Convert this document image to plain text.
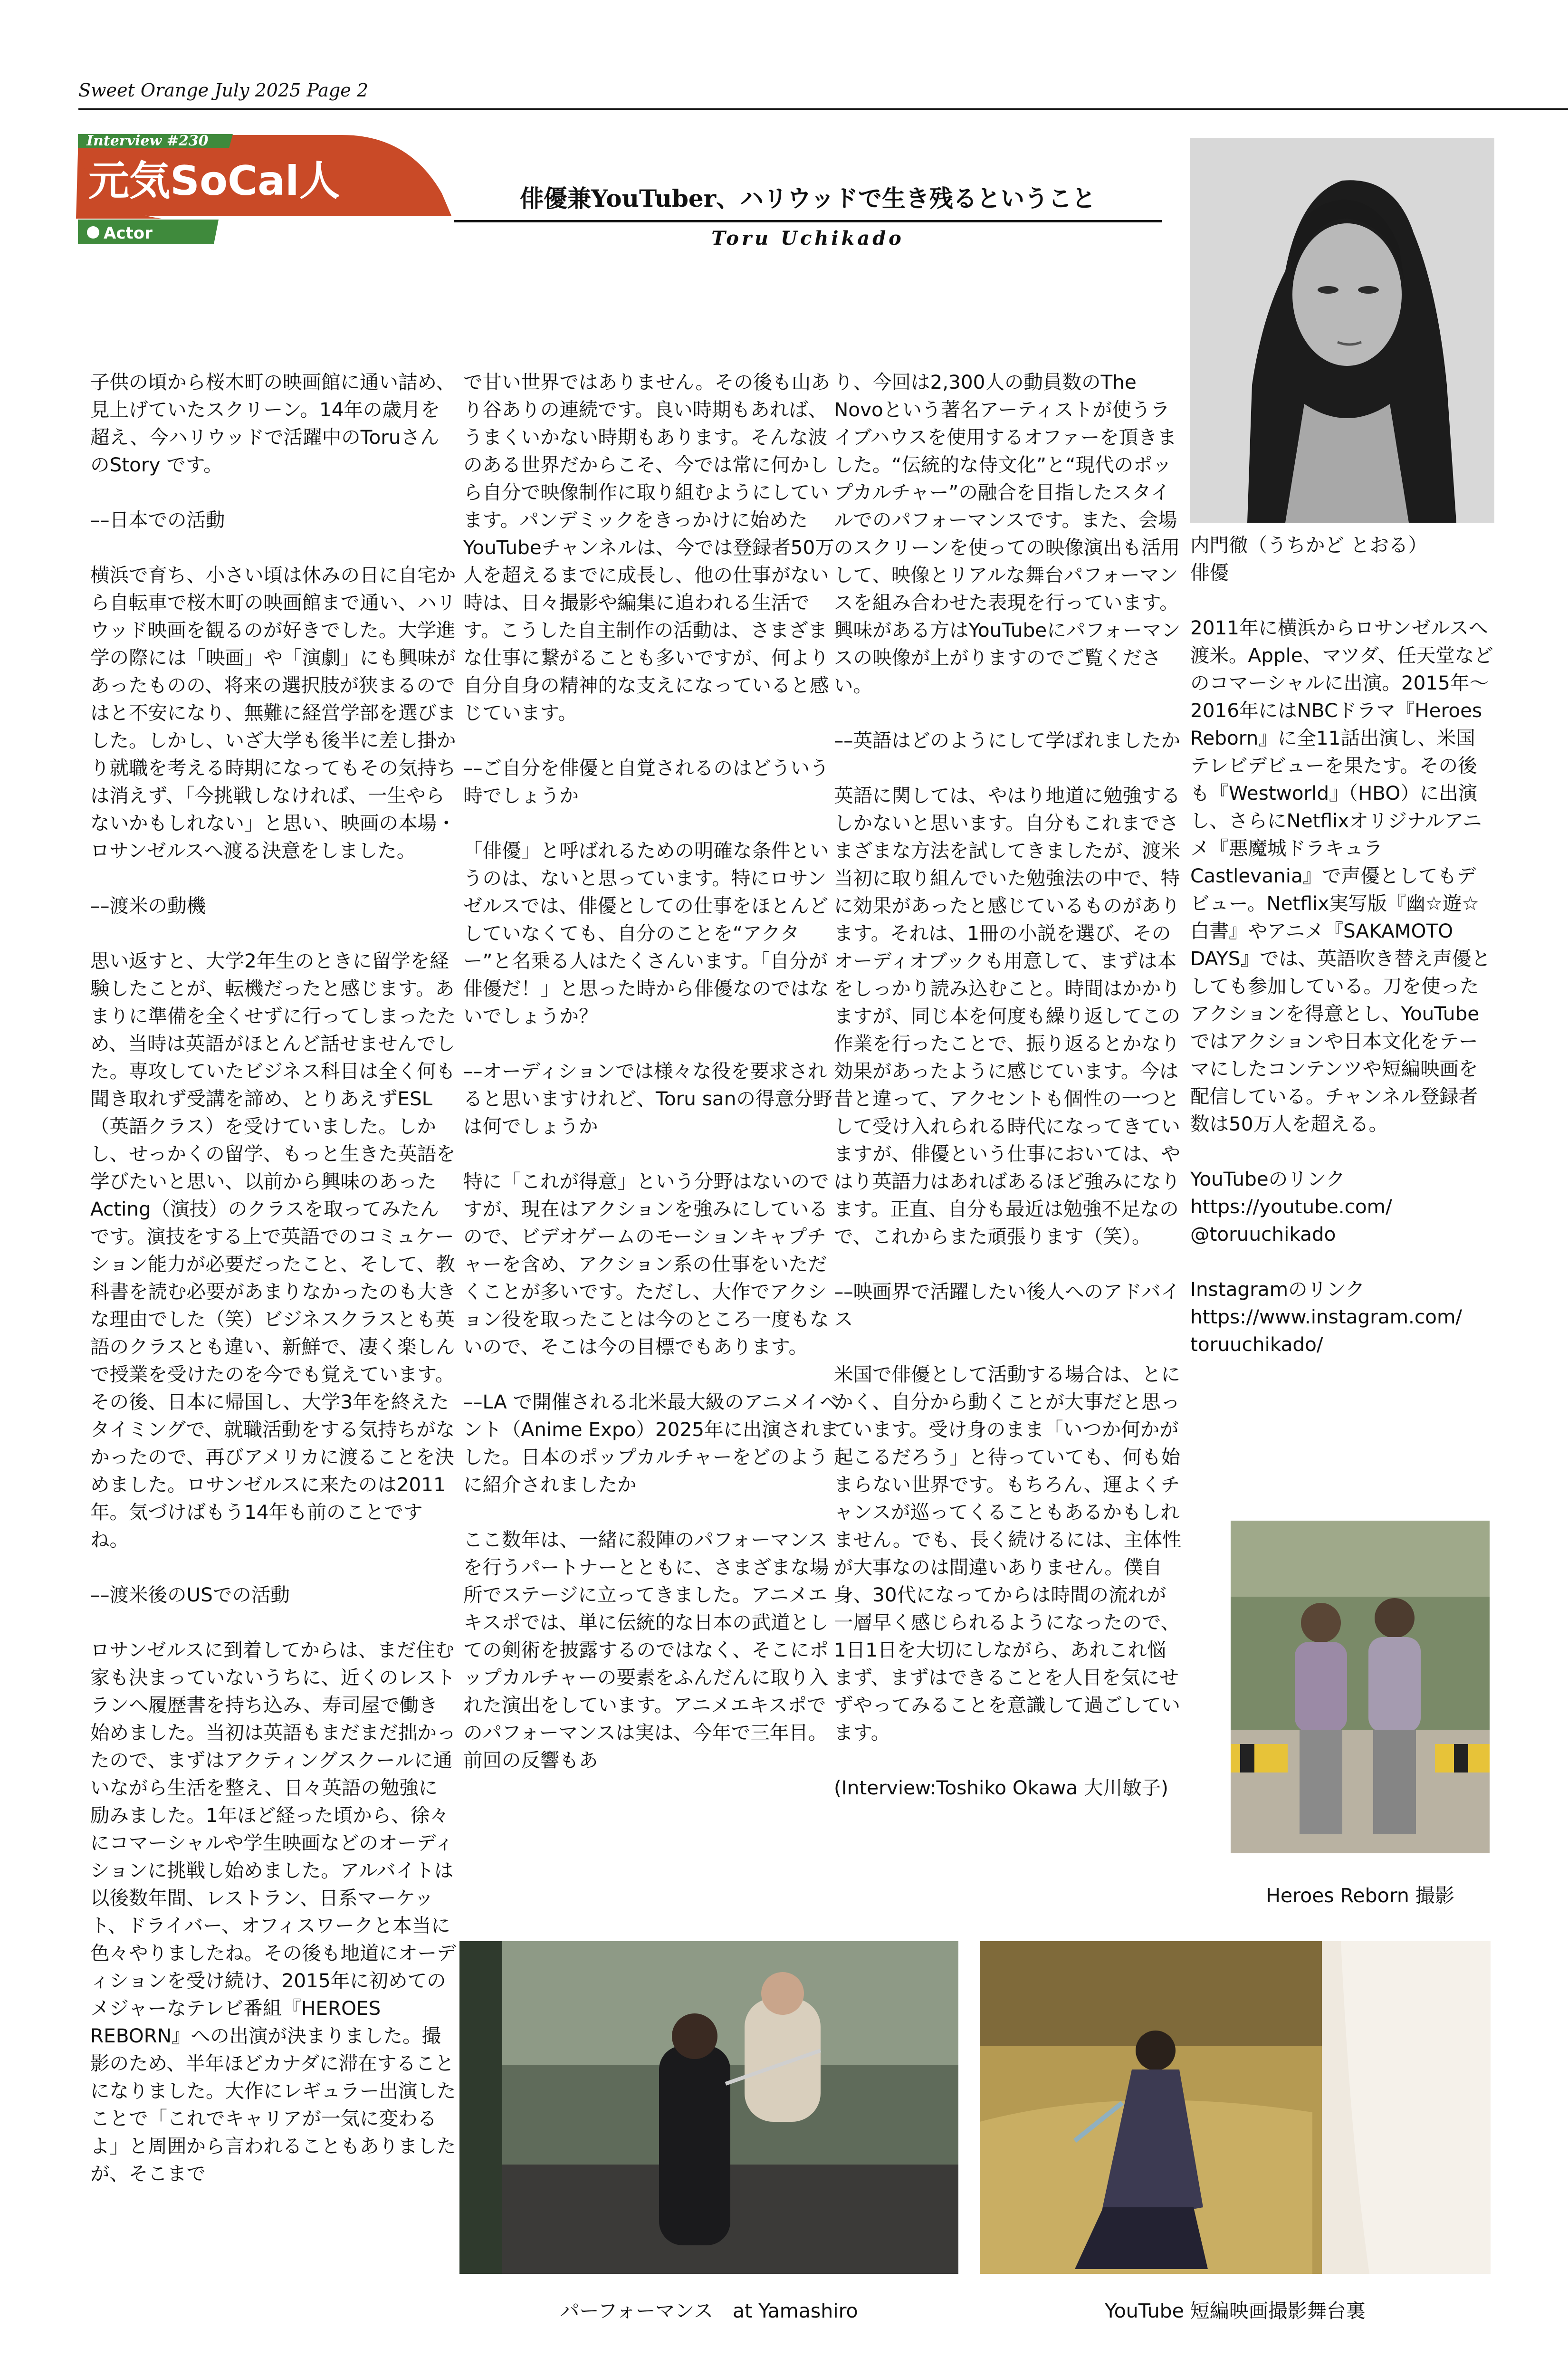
Sweet Orange July 2025 Page 2
Interview #230
元気SoCal人
Actor
俳優兼YouTuber、ハリウッドで生き残るということ
Toru Uchikado
子供の頃から桜木町の映画館に通い詰め、見上げていたスクリーン。14年の歳月を超え、今ハリウッドで活躍中のToruさんのStory です。

––日本での活動

横浜で育ち、小さい頃は休みの日に自宅から自転車で桜木町の映画館まで通い、ハリウッド映画を観るのが好きでした。大学進学の際には「映画」や「演劇」にも興味があったものの、将来の選択肢が狭まるのではと不安になり、無難に経営学部を選びました。しかし、いざ大学も後半に差し掛かり就職を考える時期になってもその気持ちは消えず、「今挑戦しなければ、一生やらないかもしれない」と思い、映画の本場・ロサンゼルスへ渡る決意をしました。

––渡米の動機

思い返すと、大学2年生のときに留学を経験したことが、転機だったと感じます。あまりに準備を全くせずに行ってしまったため、当時は英語がほとんど話せませんでした。専攻していたビジネス科目は全く何も聞き取れず受講を諦め、とりあえずESL（英語クラス）を受けていました。しかし、せっかくの留学、もっと生きた英語を学びたいと思い、以前から興味のあったActing（演技）のクラスを取ってみたんです。演技をする上で英語でのコミュケーション能力が必要だったこと、そして、教科書を読む必要があまりなかったのも大きな理由でした（笑）ビジネスクラスとも英語のクラスとも違い、新鮮で、凄く楽しんで授業を受けたのを今でも覚えています。その後、日本に帰国し、大学3年を終えたタイミングで、就職活動をする気持ちがなかったので、再びアメリカに渡ることを決めました。ロサンゼルスに来たのは2011年。気づけばもう14年も前のことですね。

––渡米後のUSでの活動

ロサンゼルスに到着してからは、まだ住む家も決まっていないうちに、近くのレストランへ履歴書を持ち込み、寿司屋で働き始めました。当初は英語もまだまだ拙かったので、まずはアクティングスクールに通いながら生活を整え、日々英語の勉強に励みました。1年ほど経った頃から、徐々にコマーシャルや学生映画などのオーディションに挑戦し始めました。アルバイトは以後数年間、レストラン、日系マーケット、ドライバー、オフィスワークと本当に色々やりましたね。その後も地道にオーディションを受け続け、2015年に初めてのメジャーなテレビ番組『HEROES REBORN』への出演が決まりました。撮影のため、半年ほどカナダに滞在することになりました。大作にレギュラー出演したことで「これでキャリアが一気に変わるよ」と周囲から言われることもありましたが、そこまで
で甘い世界ではありません。その後も山あり谷ありの連続です。良い時期もあれば、うまくいかない時期もあります。そんな波のある世界だからこそ、今では常に何かしら自分で映像制作に取り組むようにしています。パンデミックをきっかけに始めたYouTubeチャンネルは、今では登録者50万人を超えるまでに成長し、他の仕事がない時は、日々撮影や編集に追われる生活です。こうした自主制作の活動は、さまざまな仕事に繋がることも多いですが、何より自分自身の精神的な支えになっていると感じています。

––ご自分を俳優と自覚されるのはどういう時でしょうか

「俳優」と呼ばれるための明確な条件というのは、ないと思っています。特にロサンゼルスでは、俳優としての仕事をほとんどしていなくても、自分のことを“アクター”と名乗る人はたくさんいます。「自分が俳優だ！」と思った時から俳優なのではないでしょうか？

––オーディションでは様々な役を要求されると思いますけれど、Toru sanの得意分野は何でしょうか

特に「これが得意」という分野はないのですが、現在はアクションを強みにしているので、ビデオゲームのモーションキャプチャーを含め、アクション系の仕事をいただくことが多いです。ただし、大作でアクション役を取ったことは今のところ一度もないので、そこは今の目標でもあります。

––LA で開催される北米最大級のアニメイベント（Anime Expo）2025年に出演されました。日本のポップカルチャーをどのように紹介されましたか

ここ数年は、一緒に殺陣のパフォーマンスを行うパートナーとともに、さまざまな場所でステージに立ってきました。アニメエキスポでは、単に伝統的な日本の武道としての剣術を披露するのではなく、そこにポップカルチャーの要素をふんだんに取り入れた演出をしています。アニメエキスポでのパフォーマンスは実は、今年で三年目。前回の反響もあ
り、今回は2,300人の動員数のThe Novoという著名アーティストが使うライブハウスを使用するオファーを頂きました。“伝統的な侍文化”と“現代のポップカルチャー”の融合を目指したスタイルでのパフォーマンスです。また、会場のスクリーンを使っての映像演出も活用して、映像とリアルな舞台パフォーマンスを組み合わせた表現を行っています。興味がある方はYouTubeにパフォーマンスの映像が上がりますのでご覧ください。

––英語はどのようにして学ばれましたか

英語に関しては、やはり地道に勉強するしかないと思います。自分もこれまでさまざまな方法を試してきましたが、渡米当初に取り組んでいた勉強法の中で、特に効果があったと感じているものがあります。それは、1冊の小説を選び、そのオーディオブックも用意して、まずは本をしっかり読み込むこと。時間はかかりますが、同じ本を何度も繰り返してこの作業を行ったことで、振り返るとかなり効果があったように感じています。今は昔と違って、アクセントも個性の一つとして受け入れられる時代になってきていますが、俳優という仕事においては、やはり英語力はあればあるほど強みになります。正直、自分も最近は勉強不足なので、これからまた頑張ります（笑）。

––映画界で活躍したい後人へのアドバイス

米国で俳優として活動する場合は、とにかく、自分から動くことが大事だと思っています。受け身のまま「いつか何かが起こるだろう」と待っていても、何も始まらない世界です。もちろん、運よくチャンスが巡ってくることもあるかもしれません。でも、長く続けるには、主体性が大事なのは間違いありません。僕自身、30代になってからは時間の流れが一層早く感じられるようになったので、1日1日を大切にしながら、あれこれ悩まず、まずはできることを人目を気にせずやってみることを意識して過ごしています。

(Interview:Toshiko Okawa 大川敏子)
内門徹（うちかど とおる）
俳優

2011年に横浜からロサンゼルスへ渡米。Apple、マツダ、任天堂などのコマーシャルに出演。2015年〜2016年にはNBCドラマ『Heroes Reborn』に全11話出演し、米国テレビデビューを果たす。その後も『Westworld』（HBO）に出演し、さらにNetflixオリジナルアニメ『悪魔城ドラキュラ Castlevania』で声優としてもデビュー。Netflix実写版『幽☆遊☆白書』やアニメ『SAKAMOTO DAYS』では、英語吹き替え声優としても参加している。刀を使ったアクションを得意とし、YouTubeではアクションや日本文化をテーマにしたコンテンツや短編映画を配信している。チャンネル登録者数は50万人を超える。

YouTubeのリンク
https://youtube.com/
@toruuchikado

Instagramのリンク
https://www.instagram.com/
toruuchikado/
Heroes Reborn 撮影
パーフォーマンス　at Yamashiro	YouTube 短編映画撮影舞台裏
